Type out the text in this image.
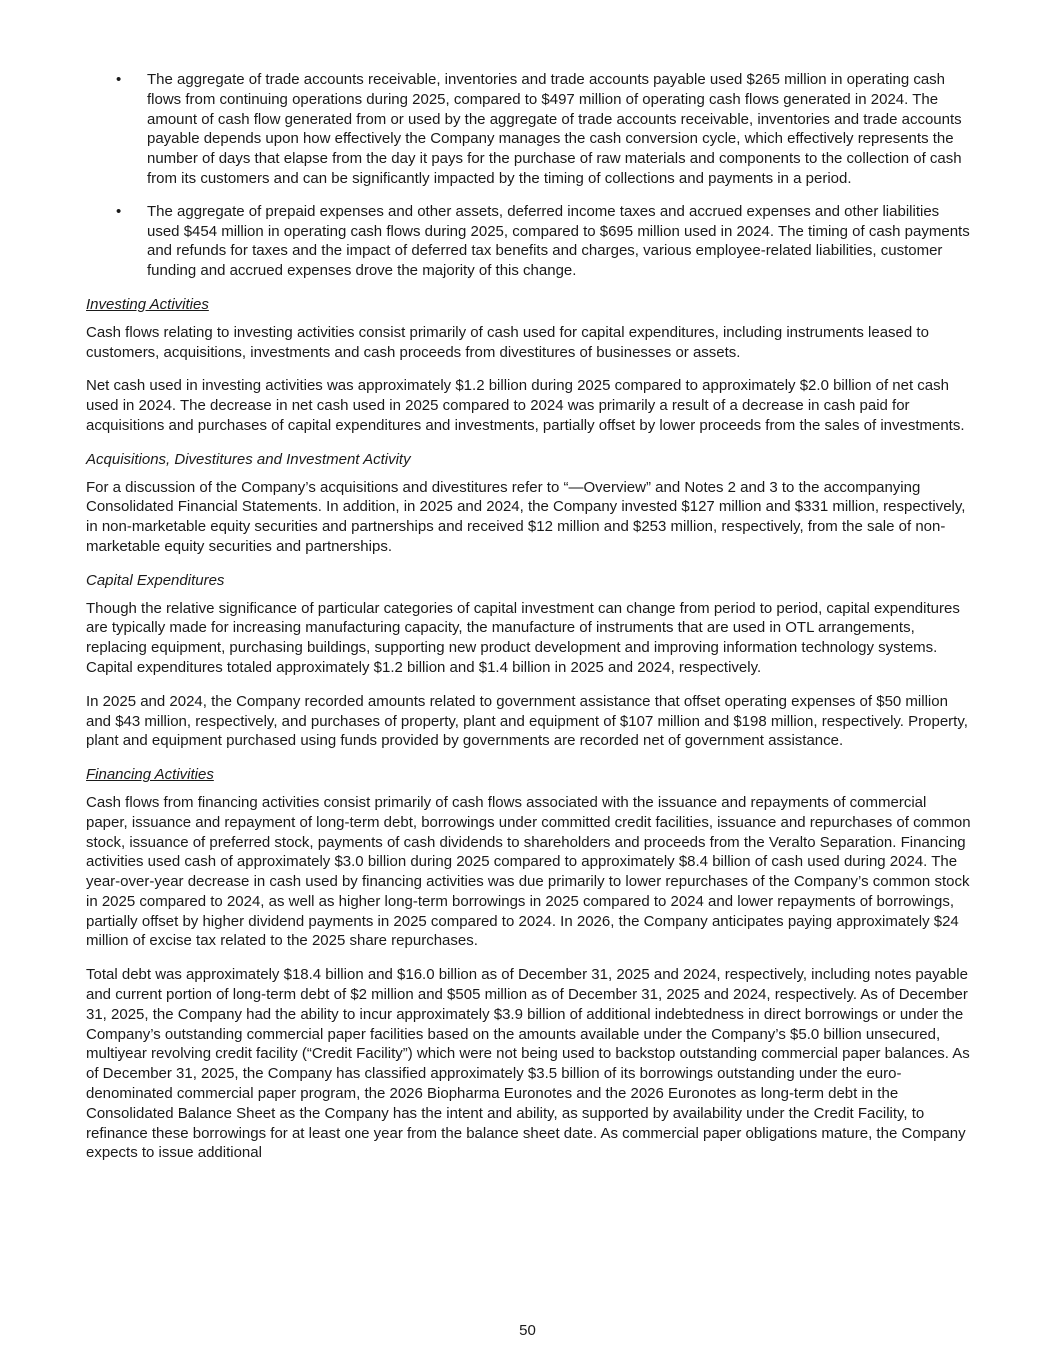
• The aggregate of trade accounts receivable, inventories and trade accounts payable used $265 million in operating cash flows from continuing operations during 2025, compared to $497 million of operating cash flows generated in 2024. The amount of cash flow generated from or used by the aggregate of trade accounts receivable, inventories and trade accounts payable depends upon how effectively the Company manages the cash conversion cycle, which effectively represents the number of days that elapse from the day it pays for the purchase of raw materials and components to the collection of cash from its customers and can be significantly impacted by the timing of collections and payments in a period.
• The aggregate of prepaid expenses and other assets, deferred income taxes and accrued expenses and other liabilities used $454 million in operating cash flows during 2025, compared to $695 million used in 2024. The timing of cash payments and refunds for taxes and the impact of deferred tax benefits and charges, various employee-related liabilities, customer funding and accrued expenses drove the majority of this change.
Investing Activities

Cash flows relating to investing activities consist primarily of cash used for capital expenditures, including instruments leased to customers, acquisitions, investments and cash proceeds from divestitures of businesses or assets.

Net cash used in investing activities was approximately $1.2 billion during 2025 compared to approximately $2.0 billion of net cash used in 2024. The decrease in net cash used in 2025 compared to 2024 was primarily a result of a decrease in cash paid for acquisitions and purchases of capital expenditures and investments, partially offset by lower proceeds from the sales of investments.

Acquisitions, Divestitures and Investment Activity

For a discussion of the Company’s acquisitions and divestitures refer to “—Overview” and Notes 2 and 3 to the accompanying Consolidated Financial Statements. In addition, in 2025 and 2024, the Company invested $127 million and $331 million, respectively, in non-marketable equity securities and partnerships and received $12 million and $253 million, respectively, from the sale of non-marketable equity securities and partnerships.

Capital Expenditures

Though the relative significance of particular categories of capital investment can change from period to period, capital expenditures are typically made for increasing manufacturing capacity, the manufacture of instruments that are used in OTL arrangements, replacing equipment, purchasing buildings, supporting new product development and improving information technology systems. Capital expenditures totaled approximately $1.2 billion and $1.4 billion in 2025 and 2024, respectively.

In 2025 and 2024, the Company recorded amounts related to government assistance that offset operating expenses of $50 million and $43 million, respectively, and purchases of property, plant and equipment of $107 million and $198 million, respectively. Property, plant and equipment purchased using funds provided by governments are recorded net of government assistance.

Financing Activities

Cash flows from financing activities consist primarily of cash flows associated with the issuance and repayments of commercial paper, issuance and repayment of long-term debt, borrowings under committed credit facilities, issuance and repurchases of common stock, issuance of preferred stock, payments of cash dividends to shareholders and proceeds from the Veralto Separation. Financing activities used cash of approximately $3.0 billion during 2025 compared to approximately $8.4 billion of cash used during 2024. The year-over-year decrease in cash used by financing activities was due primarily to lower repurchases of the Company’s common stock in 2025 compared to 2024, as well as higher long-term borrowings in 2025 compared to 2024 and lower repayments of borrowings, partially offset by higher dividend payments in 2025 compared to 2024. In 2026, the Company anticipates paying approximately $24 million of excise tax related to the 2025 share repurchases.

Total debt was approximately $18.4 billion and $16.0 billion as of December 31, 2025 and 2024, respectively, including notes payable and current portion of long-term debt of $2 million and $505 million as of December 31, 2025 and 2024, respectively. As of December 31, 2025, the Company had the ability to incur approximately $3.9 billion of additional indebtedness in direct borrowings or under the Company’s outstanding commercial paper facilities based on the amounts available under the Company’s $5.0 billion unsecured, multiyear revolving credit facility (“Credit Facility”) which were not being used to backstop outstanding commercial paper balances. As of December 31, 2025, the Company has classified approximately $3.5 billion of its borrowings outstanding under the euro-denominated commercial paper program, the 2026 Biopharma Euronotes and the 2026 Euronotes as long-term debt in the Consolidated Balance Sheet as the Company has the intent and ability, as supported by availability under the Credit Facility, to refinance these borrowings for at least one year from the balance sheet date. As commercial paper obligations mature, the Company expects to issue additional

50
